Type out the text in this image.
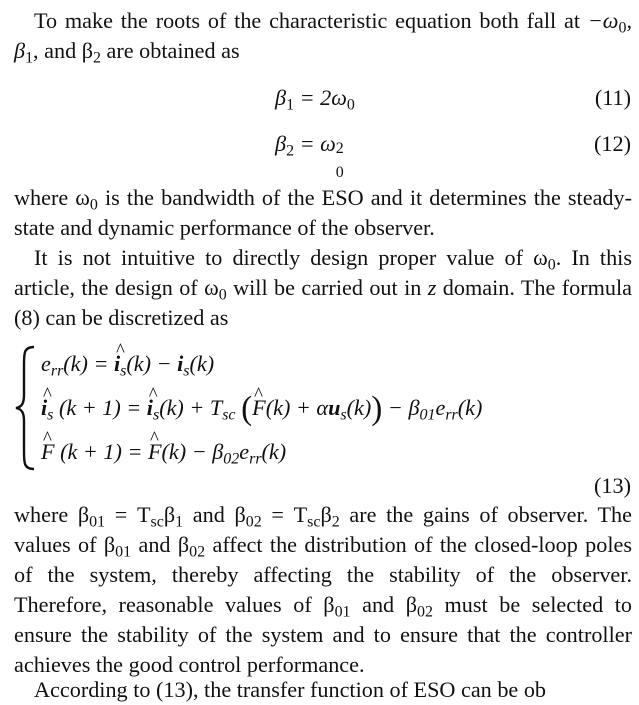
To make the roots of the characteristic equation both fall at $-\omega_0$, $\beta_1$, and $\beta_2$ are obtained as

$\beta_1 = 2\omega_0$	(11)
$\beta_2 = \omega$ 2
0
(12)

where $\omega_0$ is the bandwidth of the ESO and it determines the steady-state and dynamic performance of the observer.

It is not intuitive to directly design proper value of $\omega_0$. In this article, the design of $\omega_0$ will be carried out in z domain. The formula (8) can be discretized as

$e_{rr}(k)$ = ^ $i_s(k) - i_s(k)$
^ $i_s$ (k + 1) = ^ $i_s(k) + T_{sc}$ (^ $F(k) + \alpha u_s(k)) - \beta_{01}e_{rr}(k)$
^ F (k + 1) = ^ $F(k) - \beta_{02}e_{rr}(k)$
(13)

where $\beta_{01} = T_{sc}\beta_1$ and $\beta_{02} = T_{sc}\beta_2$ are the gains of observer. The values of $\beta_{01}$ and $\beta_{02}$ affect the distribution of the closed-loop poles of the system, thereby affecting the stability of the observer. Therefore, reasonable values of $\beta_{01}$ and $\beta_{02}$ must be selected to ensure the stability of the system and to ensure that the controller achieves the good control performance.

According to (13), the transfer function of ESO can be ob
